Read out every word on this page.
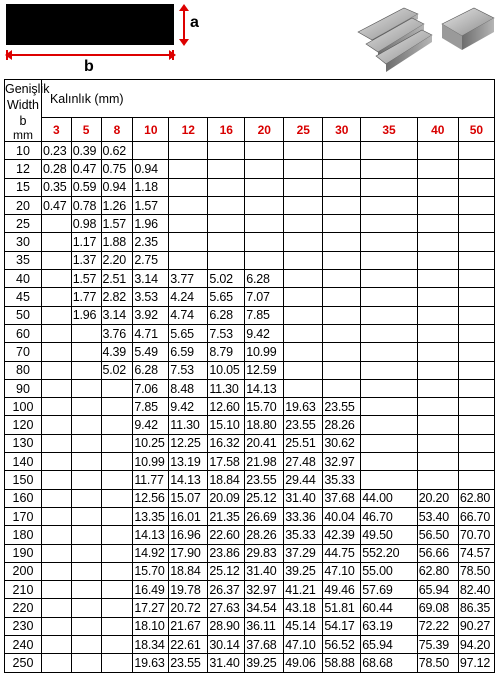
a
b
Genişlik
Width
b
mm	Kalınlık (mm)											
	3	5	8	10	12	16	20	25	30	35	40	50
10	0.23	0.39	0.62									
12	0.28	0.47	0.75	0.94								
15	0.35	0.59	0.94	1.18								
20	0.47	0.78	1.26	1.57								
25		0.98	1.57	1.96								
30		1.17	1.88	2.35								
35		1.37	2.20	2.75								
40		1.57	2.51	3.14	3.77	5.02	6.28					
45		1.77	2.82	3.53	4.24	5.65	7.07					
50		1.96	3.14	3.92	4.74	6.28	7.85					
60			3.76	4.71	5.65	7.53	9.42					
70			4.39	5.49	6.59	8.79	10.99					
80			5.02	6.28	7.53	10.05	12.59					
90				7.06	8.48	11.30	14.13					
100				7.85	9.42	12.60	15.70	19.63	23.55			
120				9.42	11.30	15.10	18.80	23.55	28.26			
130				10.25	12.25	16.32	20.41	25.51	30.62			
140				10.99	13.19	17.58	21.98	27.48	32.97			
150				11.77	14.13	18.84	23.55	29.44	35.33			
160				12.56	15.07	20.09	25.12	31.40	37.68	44.00	20.20	62.80
170				13.35	16.01	21.35	26.69	33.36	40.04	46.70	53.40	66.70
180				14.13	16.96	22.60	28.26	35.33	42.39	49.50	56.50	70.70
190				14.92	17.90	23.86	29.83	37.29	44.75	552.20	56.66	74.57
200				15.70	18.84	25.12	31.40	39.25	47.10	55.00	62.80	78.50
210				16.49	19.78	26.37	32.97	41.21	49.46	57.69	65.94	82.40
220				17.27	20.72	27.63	34.54	43.18	51.81	60.44	69.08	86.35
230				18.10	21.67	28.90	36.11	45.14	54.17	63.19	72.22	90.27
240				18.34	22.61	30.14	37.68	47.10	56.52	65.94	75.39	94.20
250				19.63	23.55	31.40	39.25	49.06	58.88	68.68	78.50	97.12
